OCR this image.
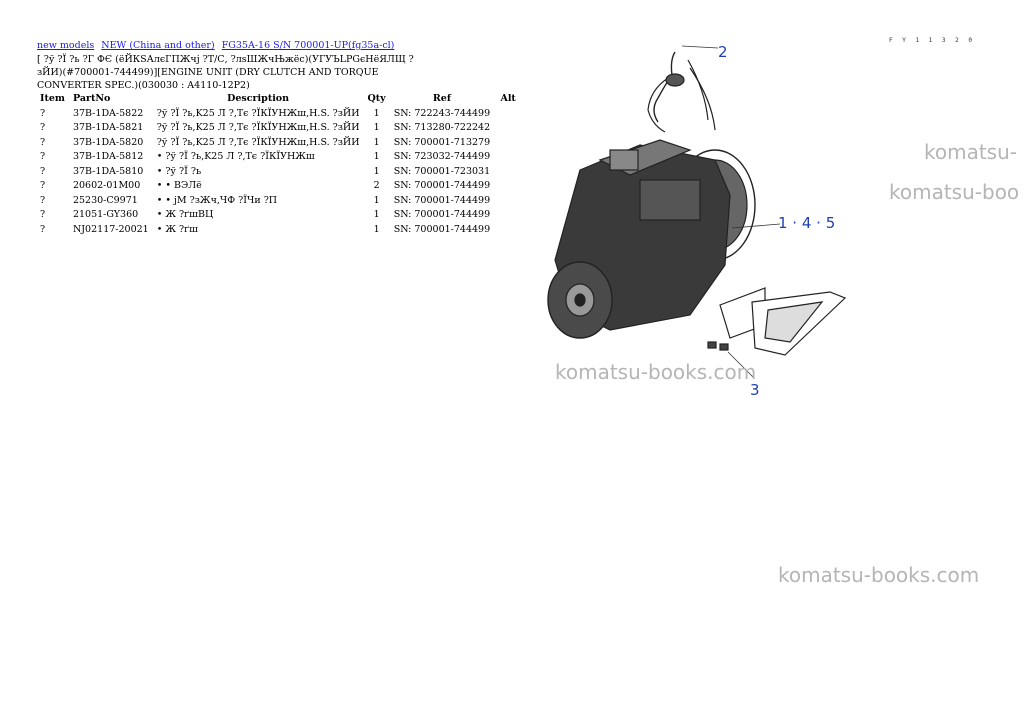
new models NEW (China and other) FG35A-16 S/N 700001-UP(fg35a-cl)
[ ?ў ?Ї ?ь ?Г ФЄ (ёЙКSАлєГПЖчј ?Т/С, ?лѕШЖчЊжёс)(УГУЪLPGєНёЯЛЩ ?зЙИ)(#700001-744499)][ENGINE UNIT (DRY CLUTCH AND TORQUE CONVERTER SPEC.)(030030 : A4110-12P2)
Item	PartNo	Description	Qty	Ref	Alt
?	37B-1DA-5822	?ў ?Ї ?ь,K25 Л ?,Тє ?ЇКЇУНЖш,H.S. ?зЙИ	1	SN: 722243-744499	
?	37B-1DA-5821	?ў ?Ї ?ь,K25 Л ?,Тє ?ЇКЇУНЖш,H.S. ?зЙИ	1	SN: 713280-722242	
?	37B-1DA-5820	?ў ?Ї ?ь,K25 Л ?,Тє ?ЇКЇУНЖш,H.S. ?зЙИ	1	SN: 700001-713279	
?	37B-1DA-5812	• ?ў ?Ї ?ь,K25 Л ?,Тє ?ЇКЇУНЖш	1	SN: 723032-744499	
?	37B-1DA-5810	• ?ў ?Ї ?ь	1	SN: 700001-723031	
?	20602-01M00	• • ВЭЛё	2	SN: 700001-744499	
?	25230-C9971	• • јМ ?зЖч,ЧФ ?ЇЧи ?П	1	SN: 700001-744499	
?	21051-GY360	• Ж ?ґшВЦ	1	SN: 700001-744499	
?	NJ02117-20021	• Ж ?ґш	1	SN: 700001-744499	
F Y 1 1 3 2 0
2
1 · 4 · 5
3
komatsu-
komatsu-boo
komatsu-books.com
komatsu-books.com
